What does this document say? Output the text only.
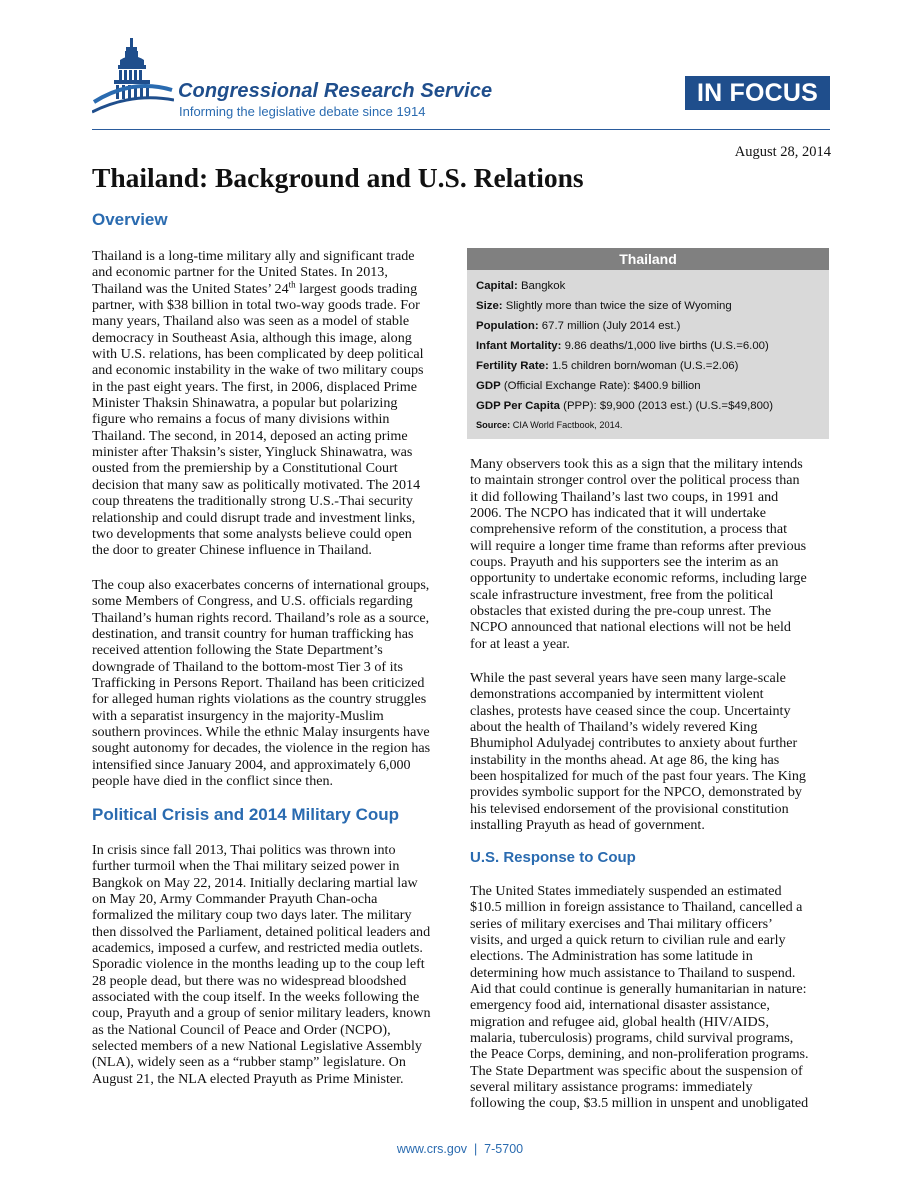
Congressional Research Service
Informing the legislative debate since 1914
IN FOCUS
August 28, 2014
Thailand: Background and U.S. Relations
Overview

Thailand is a long-time military ally and significant trade
and economic partner for the United States. In 2013,
Thailand was the United States’ 24th largest goods trading
partner, with $38 billion in total two-way goods trade. For
many years, Thailand also was seen as a model of stable
democracy in Southeast Asia, although this image, along
with U.S. relations, has been complicated by deep political
and economic instability in the wake of two military coups
in the past eight years. The first, in 2006, displaced Prime
Minister Thaksin Shinawatra, a popular but polarizing
figure who remains a focus of many divisions within
Thailand. The second, in 2014, deposed an acting prime
minister after Thaksin’s sister, Yingluck Shinawatra, was
ousted from the premiership by a Constitutional Court
decision that many saw as politically motivated. The 2014
coup threatens the traditionally strong U.S.-Thai security
relationship and could disrupt trade and investment links,
two developments that some analysts believe could open
the door to greater Chinese influence in Thailand.

The coup also exacerbates concerns of international groups,
some Members of Congress, and U.S. officials regarding
Thailand’s human rights record. Thailand’s role as a source,
destination, and transit country for human trafficking has
received attention following the State Department’s
downgrade of Thailand to the bottom-most Tier 3 of its
Trafficking in Persons Report. Thailand has been criticized
for alleged human rights violations as the country struggles
with a separatist insurgency in the majority-Muslim
southern provinces. While the ethnic Malay insurgents have
sought autonomy for decades, the violence in the region has
intensified since January 2004, and approximately 6,000
people have died in the conflict since then.

Political Crisis and 2014 Military Coup

In crisis since fall 2013, Thai politics was thrown into
further turmoil when the Thai military seized power in
Bangkok on May 22, 2014. Initially declaring martial law
on May 20, Army Commander Prayuth Chan-ocha
formalized the military coup two days later. The military
then dissolved the Parliament, detained political leaders and
academics, imposed a curfew, and restricted media outlets.
Sporadic violence in the months leading up to the coup left
28 people dead, but there was no widespread bloodshed
associated with the coup itself. In the weeks following the
coup, Prayuth and a group of senior military leaders, known
as the National Council of Peace and Order (NCPO),
selected members of a new National Legislative Assembly
(NLA), widely seen as a “rubber stamp” legislature. On
August 21, the NLA elected Prayuth as Prime Minister.

Thailand
Capital: Bangkok
Size: Slightly more than twice the size of Wyoming
Population: 67.7 million (July 2014 est.)
Infant Mortality: 9.86 deaths/1,000 live births (U.S.=6.00)
Fertility Rate: 1.5 children born/woman (U.S.=2.06)
GDP (Official Exchange Rate): $400.9 billion
GDP Per Capita (PPP): $9,900 (2013 est.) (U.S.=$49,800)
Source: CIA World Factbook, 2014.

Many observers took this as a sign that the military intends
to maintain stronger control over the political process than
it did following Thailand’s last two coups, in 1991 and
2006. The NCPO has indicated that it will undertake
comprehensive reform of the constitution, a process that
will require a longer time frame than reforms after previous
coups. Prayuth and his supporters see the interim as an
opportunity to undertake economic reforms, including large
scale infrastructure investment, free from the political
obstacles that existed during the pre-coup unrest. The
NCPO announced that national elections will not be held
for at least a year.

While the past several years have seen many large-scale
demonstrations accompanied by intermittent violent
clashes, protests have ceased since the coup. Uncertainty
about the health of Thailand’s widely revered King
Bhumiphol Adulyadej contributes to anxiety about further
instability in the months ahead. At age 86, the king has
been hospitalized for much of the past four years. The King
provides symbolic support for the NPCO, demonstrated by
his televised endorsement of the provisional constitution
installing Prayuth as head of government.

U.S. Response to Coup

The United States immediately suspended an estimated
$10.5 million in foreign assistance to Thailand, cancelled a
series of military exercises and Thai military officers’
visits, and urged a quick return to civilian rule and early
elections. The Administration has some latitude in
determining how much assistance to Thailand to suspend.
Aid that could continue is generally humanitarian in nature:
emergency food aid, international disaster assistance,
migration and refugee aid, global health (HIV/AIDS,
malaria, tuberculosis) programs, child survival programs,
the Peace Corps, demining, and non-proliferation programs.
The State Department was specific about the suspension of
several military assistance programs: immediately
following the coup, $3.5 million in unspent and unobligated

www.crs.gov  |  7-5700
